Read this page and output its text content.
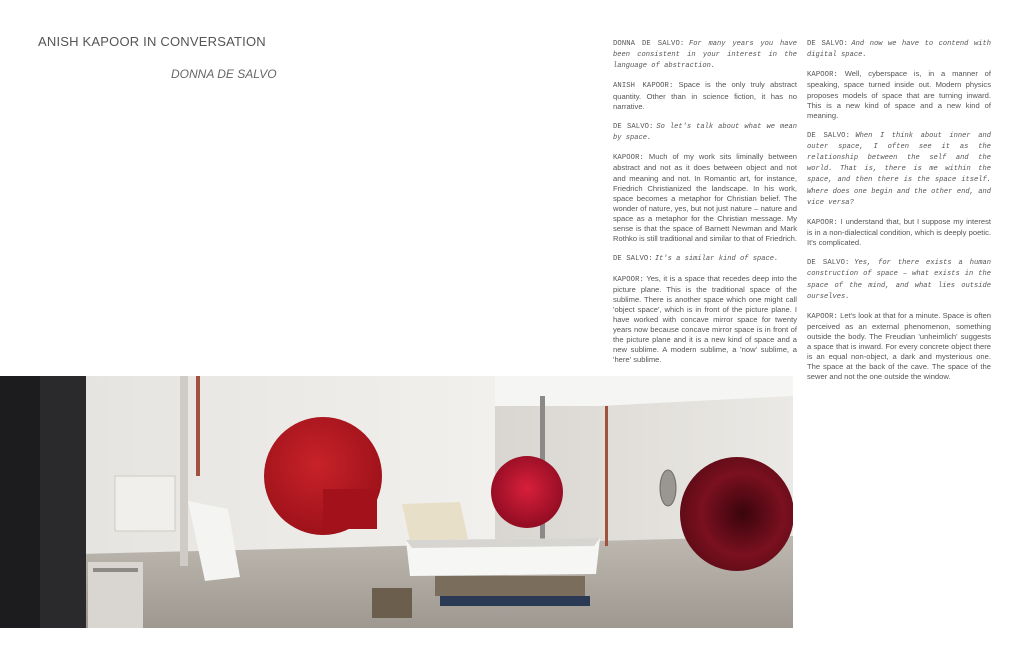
ANISH KAPOOR IN CONVERSATION
DONNA DE SALVO

DONNA DE SALVO: For many years you have been consistent in your interest in the language of abstraction.

ANISH KAPOOR: Space is the only truly abstract quantity. Other than in science fiction, it has no narrative.

DE SALVO: So let's talk about what we mean by space.

KAPOOR: Much of my work sits liminally between abstract and not as it does between object and not and meaning and not. In Romantic art, for instance, Friedrich Christianized the landscape. In his work, space becomes a metaphor for Christian belief. The wonder of nature, yes, but not just nature – nature and space as a metaphor for the Christian message. My sense is that the space of Barnett Newman and Mark Rothko is still traditional and similar to that of Friedrich.

DE SALVO: It's a similar kind of space.

KAPOOR: Yes, it is a space that recedes deep into the picture plane. This is the traditional space of the sublime. There is another space which one might call 'object space', which is in front of the picture plane. I have worked with concave mirror space for twenty years now because concave mirror space is in front of the picture plane and it is a new kind of space and a new sublime. A modern sublime, a 'now' sublime, a 'here' sublime.

DE SALVO: And now we have to contend with digital space.

KAPOOR: Well, cyberspace is, in a manner of speaking, space turned inside out. Modern physics proposes models of space that are turning inward. This is a new kind of space and a new kind of meaning.

DE SALVO: When I think about inner and outer space, I often see it as the relationship between the self and the world. That is, there is me within the space, and then there is the space itself. Where does one begin and the other end, and vice versa?

KAPOOR: I understand that, but I suppose my interest is in a non-dialectical condition, which is deeply poetic. It's complicated.

DE SALVO: Yes, for there exists a human construction of space – what exists in the space of the mind, and what lies outside ourselves.

KAPOOR: Let's look at that for a minute. Space is often perceived as an external phenomenon, something outside the body. The Freudian 'unheimlich' suggests a space that is inward. For every concrete object there is an equal non-object, a dark and mysterious one. The space at the back of the cave. The space of the sewer and not the one outside the window.
